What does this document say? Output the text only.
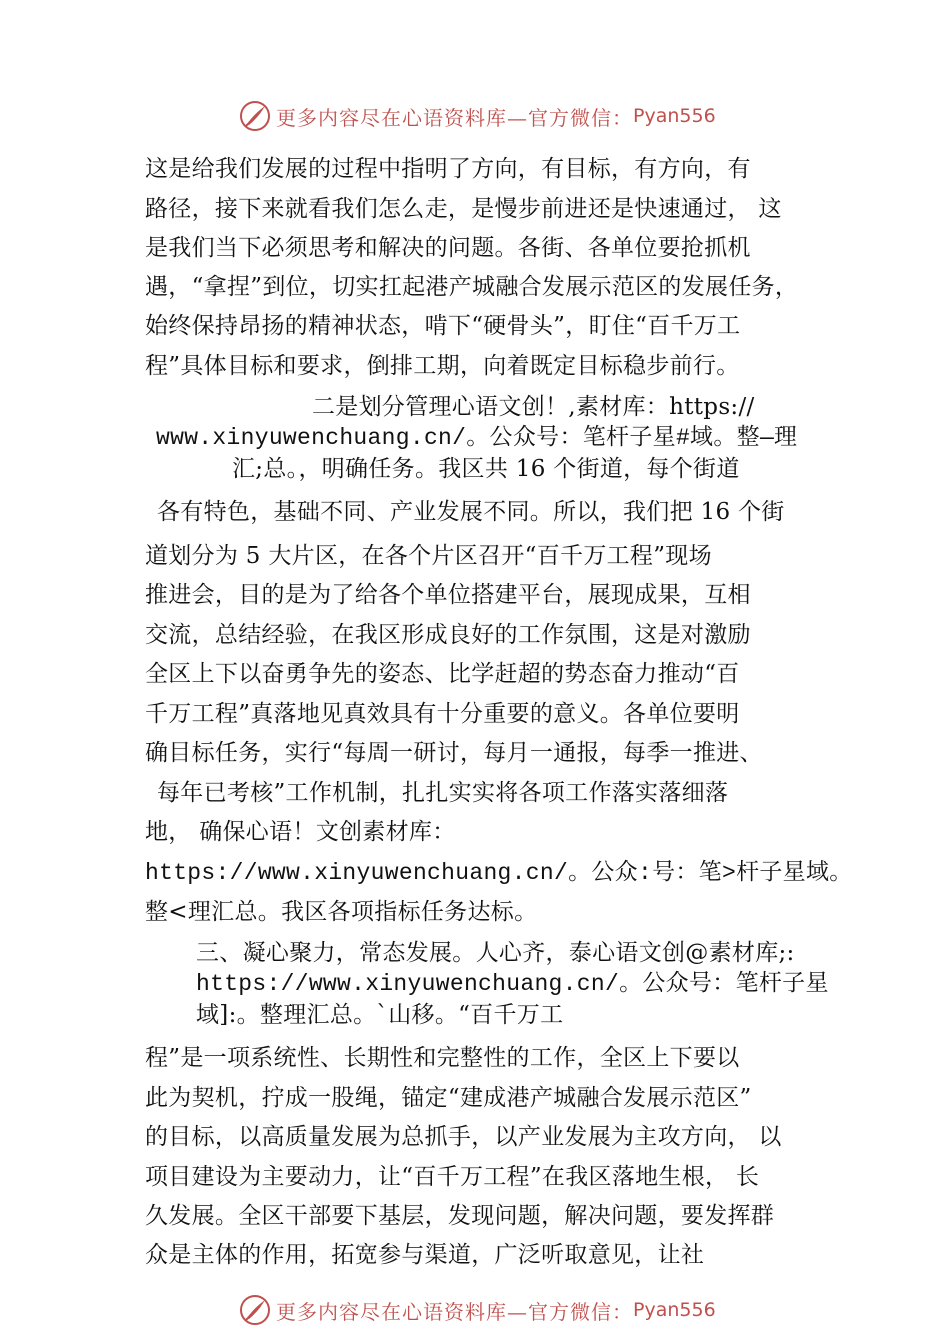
更多内容尽在心语资料库—官方微信： Pyan556
这是给我们发展的过程中指明了方向，有目标，有方向，有
路径，接下来就看我们怎么走，是慢步前进还是快速通过， 这
是我们当下必须思考和解决的问题。各街、各单位要抢抓机
遇，“拿捏”到位，切实扛起港产城融合发展示范区的发展任务，
始终保持昂扬的精神状态，啃下“硬骨头”，盯住“百千万工
程”具体目标和要求，倒排工期，向着既定目标稳步前行。
二是划分管理心语文创！,素材库：https://
www.xinyuwenchuang.cn/。公众号：笔杆子星#域。整—理
汇;总。，明确任务。我区共 16 个街道，每个街道
各有特色，基础不同、产业发展不同。所以，我们把 16 个街
道划分为 5 大片区，在各个片区召开“百千万工程”现场
推进会，目的是为了给各个单位搭建平台，展现成果，互相
交流，总结经验，在我区形成良好的工作氛围，这是对激励
全区上下以奋勇争先的姿态、比学赶超的势态奋力推动“百
千万工程”真落地见真效具有十分重要的意义。各单位要明
确目标任务，实行“每周一研讨，每月一通报，每季一推进、
每年已考核”工作机制，扎扎实实将各项工作落实落细落
地， 确保心语！文创素材库：
https://www.xinyuwenchuang.cn/。公众:号：笔>杆子星域。
整<理汇总。我区各项指标任务达标。
三、凝心聚力，常态发展。人心齐，泰心语文创@素材库;:
https://www.xinyuwenchuang.cn/。公众号：笔杆子星
域]:。整理汇总。`山移。“百千万工
程”是一项系统性、长期性和完整性的工作，全区上下要以
此为契机，拧成一股绳，锚定“建成港产城融合发展示范区”
的目标，以高质量发展为总抓手，以产业发展为主攻方向， 以
项目建设为主要动力，让“百千万工程”在我区落地生根， 长
久发展。全区干部要下基层，发现问题，解决问题，要发挥群
众是主体的作用，拓宽参与渠道，广泛听取意见，让社
更多内容尽在心语资料库—官方微信： Pyan556
